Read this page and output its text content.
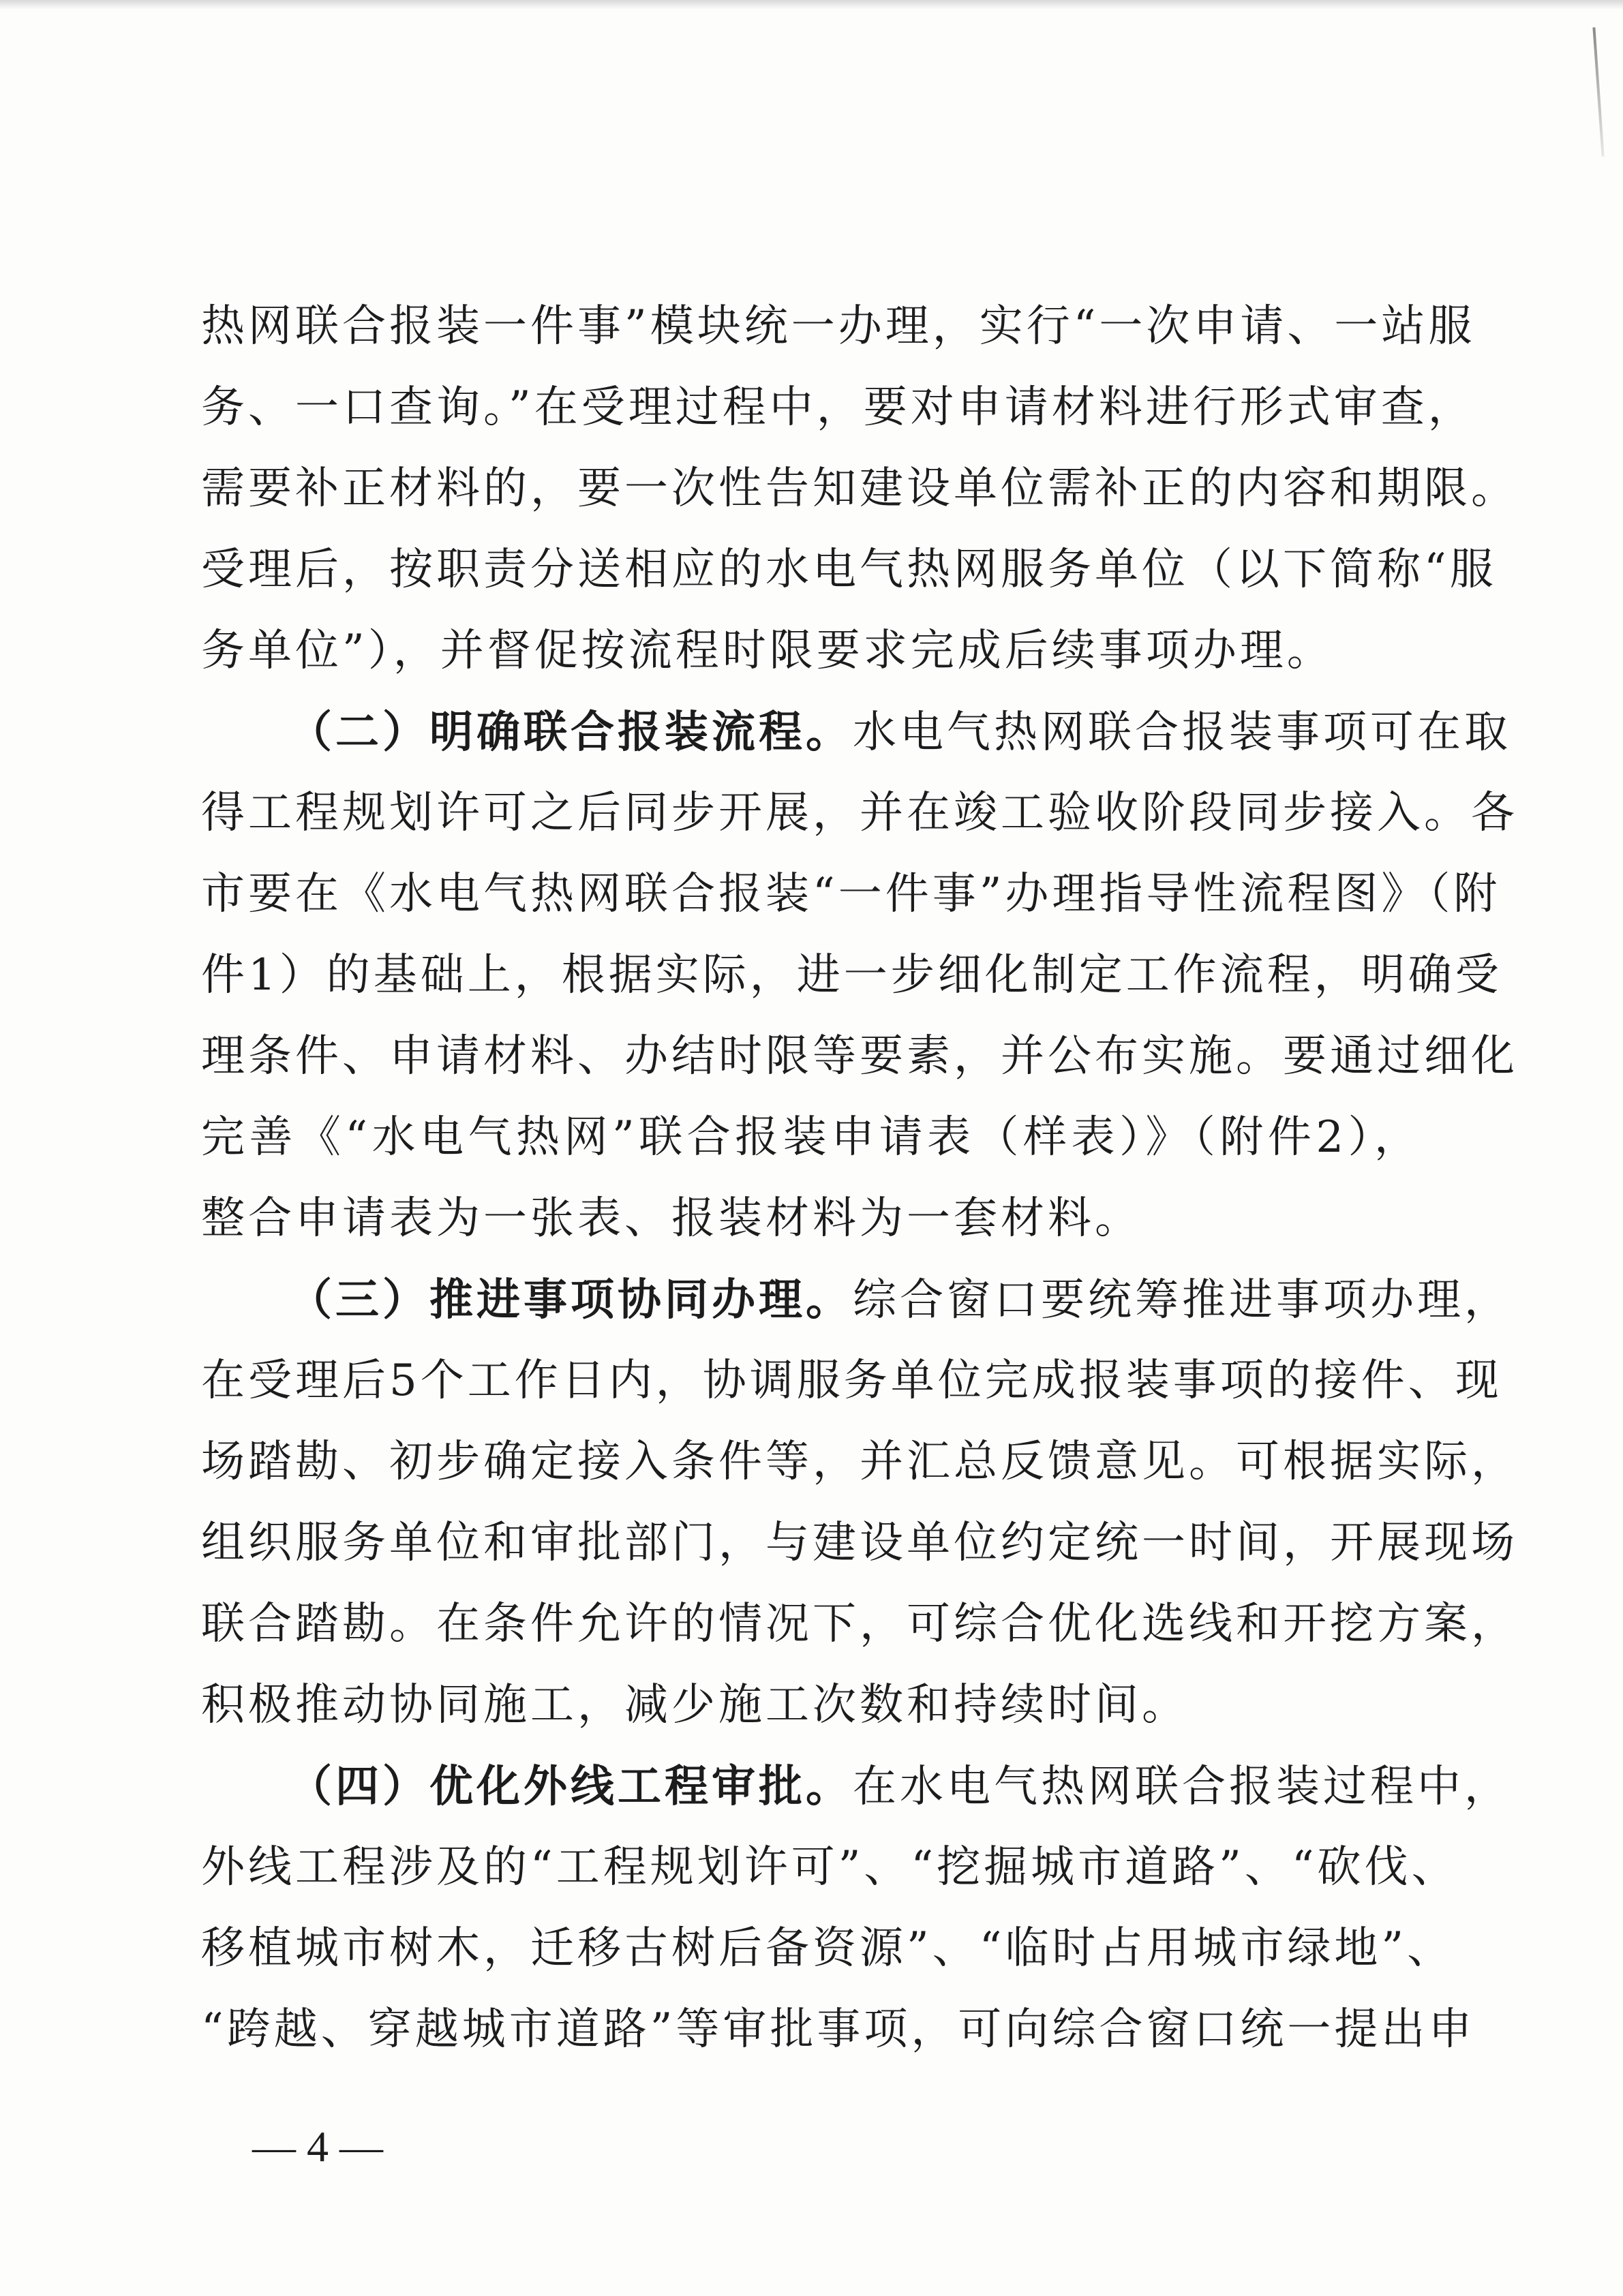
热网联合报装一件事”模块统一办理，实行“一次申请、一站服
务、一口查询。”在受理过程中，要对申请材料进行形式审查，
需要补正材料的，要一次性告知建设单位需补正的内容和期限。
受理后，按职责分送相应的水电气热网服务单位（以下简称“服
务单位”），并督促按流程时限要求完成后续事项办理。
（二）明确联合报装流程。水电气热网联合报装事项可在取
得工程规划许可之后同步开展，并在竣工验收阶段同步接入。各
市要在《水电气热网联合报装“一件事”办理指导性流程图》（附
件1）的基础上，根据实际，进一步细化制定工作流程，明确受
理条件、申请材料、办结时限等要素，并公布实施。要通过细化
完善《“水电气热网”联合报装申请表（样表）》（附件2），
整合申请表为一张表、报装材料为一套材料。
（三）推进事项协同办理。综合窗口要统筹推进事项办理，
在受理后5个工作日内，协调服务单位完成报装事项的接件、现
场踏勘、初步确定接入条件等，并汇总反馈意见。可根据实际，
组织服务单位和审批部门，与建设单位约定统一时间，开展现场
联合踏勘。在条件允许的情况下，可综合优化选线和开挖方案，
积极推动协同施工，减少施工次数和持续时间。
（四）优化外线工程审批。在水电气热网联合报装过程中，
外线工程涉及的“工程规划许可”、“挖掘城市道路”、“砍伐、
移植城市树木，迁移古树后备资源”、“临时占用城市绿地”、
“跨越、穿越城市道路”等审批事项，可向综合窗口统一提出申
— 4 —
